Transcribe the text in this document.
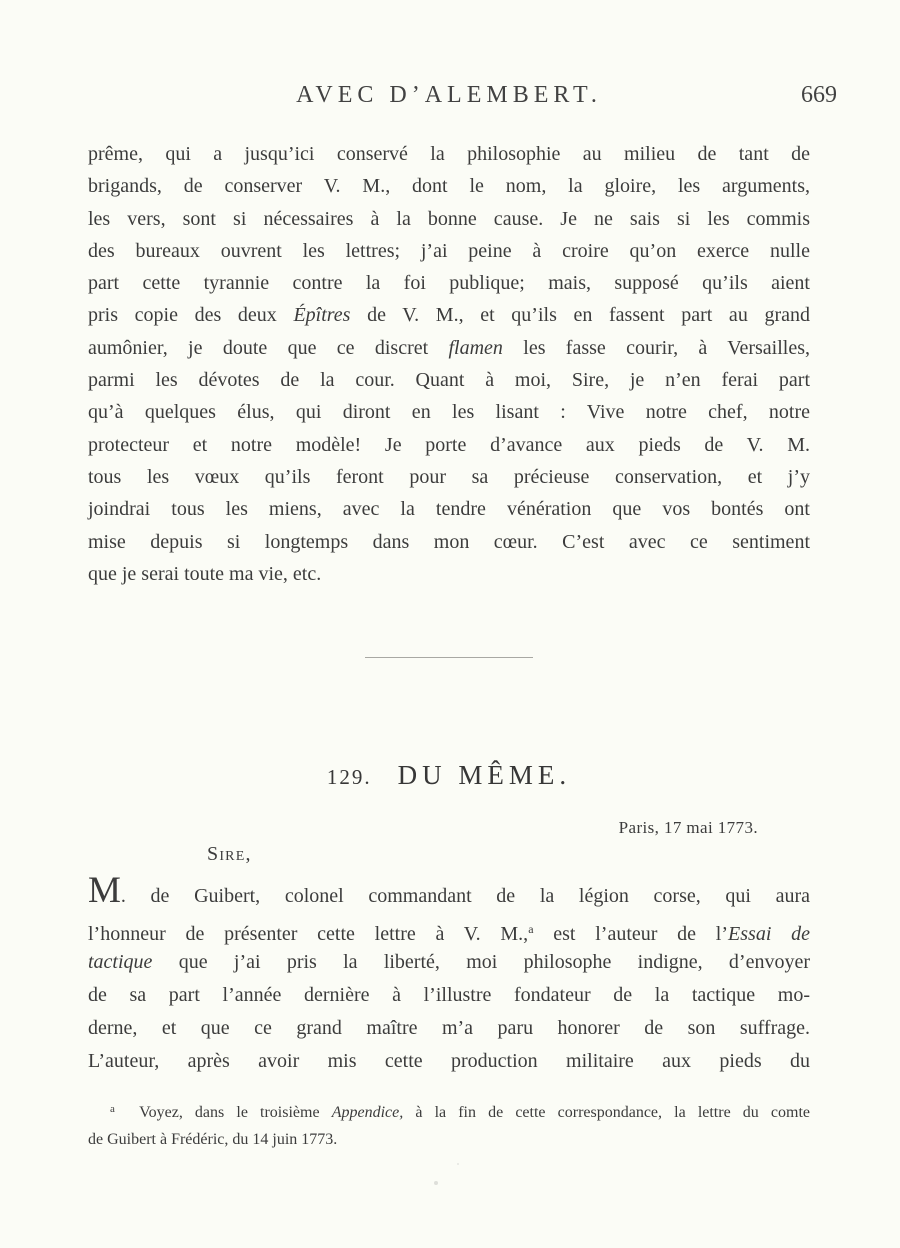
AVEC D’ALEMBERT.	669
prême, qui a jusqu’ici conservé la philosophie au milieu de tant de
brigands, de conserver V. M., dont le nom, la gloire, les arguments,
les vers, sont si nécessaires à la bonne cause. Je ne sais si les commis
des bureaux ouvrent les lettres; j’ai peine à croire qu’on exerce nulle
part cette tyrannie contre la foi publique; mais, supposé qu’ils aient
pris copie des deux Épîtres de V. M., et qu’ils en fassent part au grand
aumônier, je doute que ce discret flamen les fasse courir, à Versailles,
parmi les dévotes de la cour. Quant à moi, Sire, je n’en ferai part
qu’à quelques élus, qui diront en les lisant : Vive notre chef, notre
protecteur et notre modèle! Je porte d’avance aux pieds de V. M.
tous les vœux qu’ils feront pour sa précieuse conservation, et j’y
joindrai tous les miens, avec la tendre vénération que vos bontés ont
mise depuis si longtemps dans mon cœur. C’est avec ce sentiment
que je serai toute ma vie, etc.
129. DU MÊME.
Paris, 17 mai 1773.
Sire,
M. de Guibert, colonel commandant de la légion corse, qui aura
l’honneur de présenter cette lettre à V. M.,$^a$ est l’auteur de l’Essai de
tactique que j’ai pris la liberté, moi philosophe indigne, d’envoyer
de sa part l’année dernière à l’illustre fondateur de la tactique mo-
derne, et que ce grand maître m’a paru honorer de son suffrage.
L’auteur, après avoir mis cette production militaire aux pieds du
$^a$  Voyez, dans le troisième Appendice, à la fin de cette correspondance, la lettre du comte
de Guibert à Frédéric, du 14 juin 1773.
